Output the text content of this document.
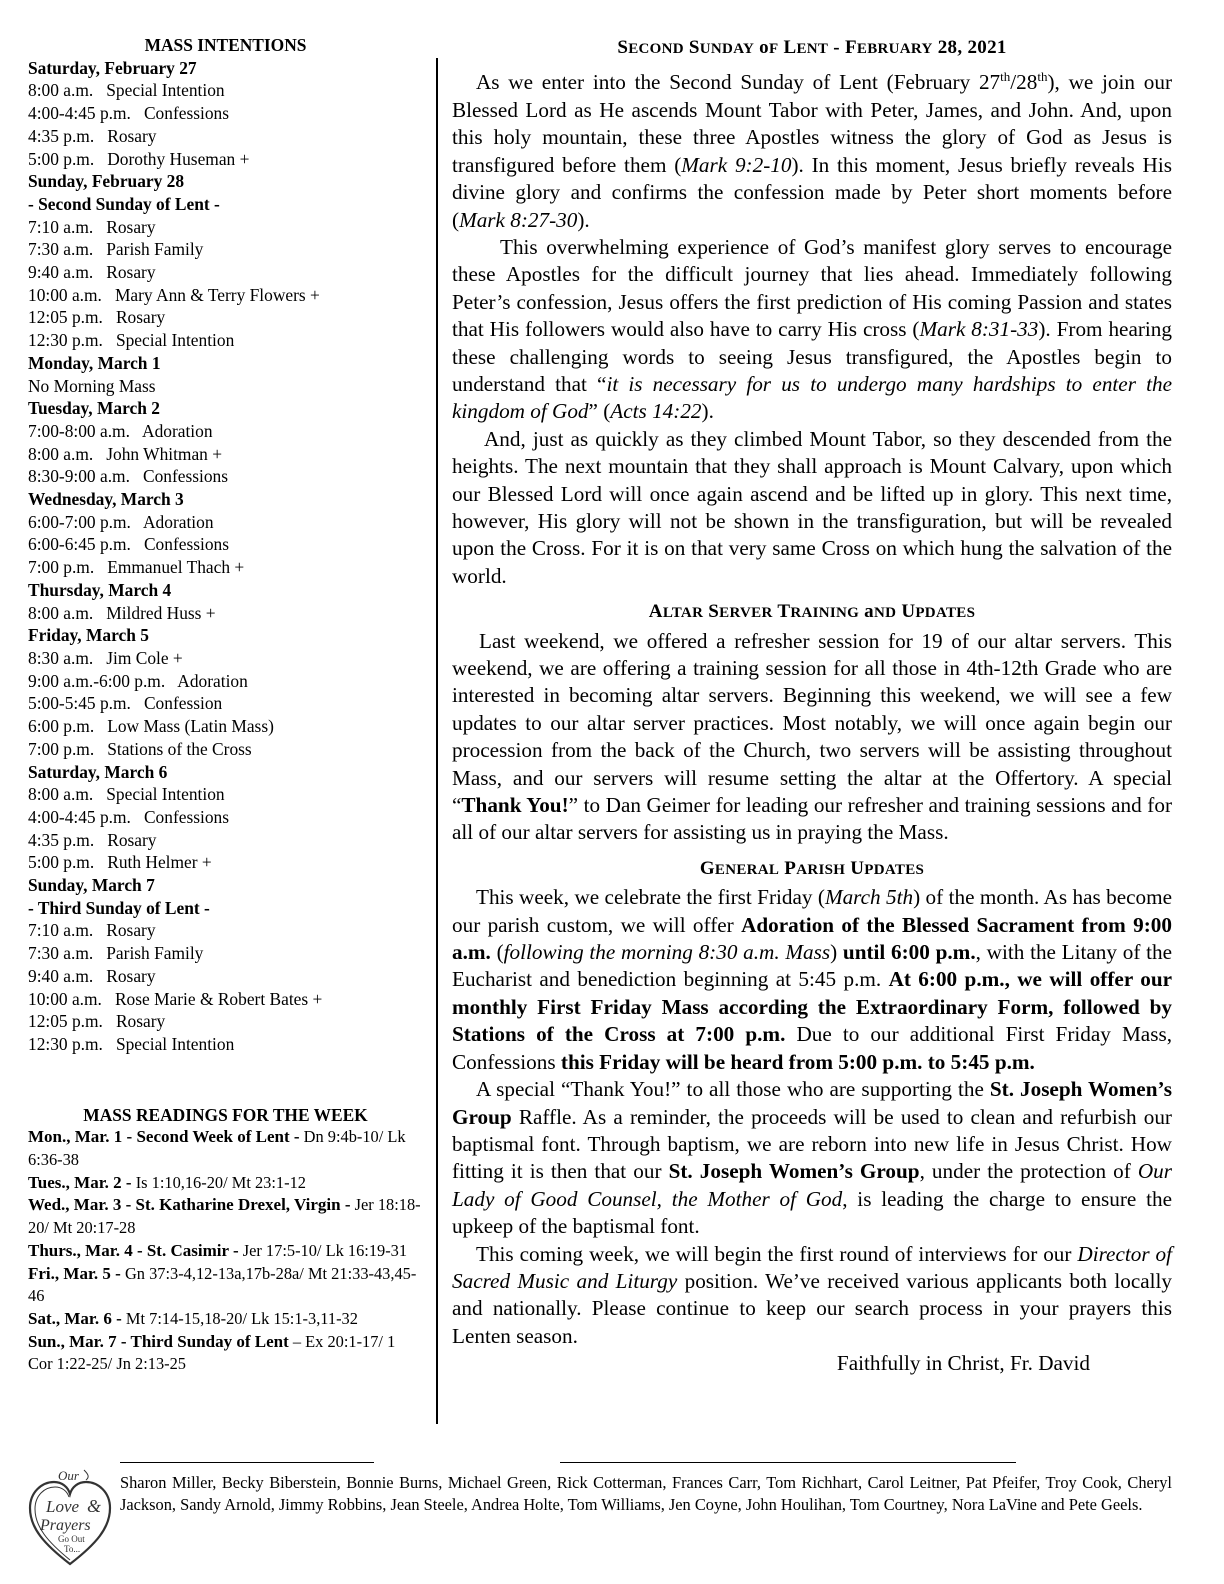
MASS INTENTIONS
Saturday, February 27
8:00 a.m. Special Intention
4:00-4:45 p.m. Confessions
4:35 p.m. Rosary
5:00 p.m. Dorothy Huseman +
Sunday, February 28
- Second Sunday of Lent -
7:10 a.m. Rosary
7:30 a.m. Parish Family
9:40 a.m. Rosary
10:00 a.m. Mary Ann & Terry Flowers +
12:05 p.m. Rosary
12:30 p.m. Special Intention
Monday, March 1
No Morning Mass
Tuesday, March 2
7:00-8:00 a.m. Adoration
8:00 a.m. John Whitman +
8:30-9:00 a.m. Confessions
Wednesday, March 3
6:00-7:00 p.m. Adoration
6:00-6:45 p.m. Confessions
7:00 p.m. Emmanuel Thach +
Thursday, March 4
8:00 a.m. Mildred Huss +
Friday, March 5
8:30 a.m. Jim Cole +
9:00 a.m.-6:00 p.m. Adoration
5:00-5:45 p.m. Confession
6:00 p.m. Low Mass (Latin Mass)
7:00 p.m. Stations of the Cross
Saturday, March 6
8:00 a.m. Special Intention
4:00-4:45 p.m. Confessions
4:35 p.m. Rosary
5:00 p.m. Ruth Helmer +
Sunday, March 7
- Third Sunday of Lent -
7:10 a.m. Rosary
7:30 a.m. Parish Family
9:40 a.m. Rosary
10:00 a.m. Rose Marie & Robert Bates +
12:05 p.m. Rosary
12:30 p.m. Special Intention
MASS READINGS FOR THE WEEK
Mon., Mar. 1 - Second Week of Lent - Dn 9:4b-10/ Lk 6:36-38
Tues., Mar. 2 - Is 1:10,16-20/ Mt 23:1-12
Wed., Mar. 3 - St. Katharine Drexel, Virgin - Jer 18:18-20/ Mt 20:17-28
Thurs., Mar. 4 - St. Casimir - Jer 17:5-10/ Lk 16:19-31
Fri., Mar. 5 - Gn 37:3-4,12-13a,17b-28a/ Mt 21:33-43,45-46
Sat., Mar. 6 - Mt 7:14-15,18-20/ Lk 15:1-3,11-32
Sun., Mar. 7 - Third Sunday of Lent – Ex 20:1-17/ 1 Cor 1:22-25/ Jn 2:13-25
SECOND SUNDAY oF LENT - FEBRUARY 28, 2021

As we enter into the Second Sunday of Lent (February 27th/28th), we join our Blessed Lord as He ascends Mount Tabor with Peter, James, and John. And, upon this holy mountain, these three Apostles witness the glory of God as Jesus is transfigured before them (Mark 9:2-10). In this moment, Jesus briefly reveals His divine glory and confirms the confession made by Peter short moments before (Mark 8:27-30).

This overwhelming experience of God’s manifest glory serves to encourage these Apostles for the difficult journey that lies ahead. Immediately following Peter’s confession, Jesus offers the first prediction of His coming Passion and states that His followers would also have to carry His cross (Mark 8:31-33). From hearing these challenging words to seeing Jesus transfigured, the Apostles begin to understand that “it is necessary for us to undergo many hardships to enter the kingdom of God” (Acts 14:22).

And, just as quickly as they climbed Mount Tabor, so they descended from the heights. The next mountain that they shall approach is Mount Calvary, upon which our Blessed Lord will once again ascend and be lifted up in glory. This next time, however, His glory will not be shown in the transfiguration, but will be revealed upon the Cross. For it is on that very same Cross on which hung the salvation of the world.

ALTAR SERVER TRAINING aND UPDATES

Last weekend, we offered a refresher session for 19 of our altar servers. This weekend, we are offering a training session for all those in 4th-12th Grade who are interested in becoming altar servers. Beginning this weekend, we will see a few updates to our altar server practices. Most notably, we will once again begin our procession from the back of the Church, two servers will be assisting throughout Mass, and our servers will resume setting the altar at the Offertory. A special “Thank You!” to Dan Geimer for leading our refresher and training sessions and for all of our altar servers for assisting us in praying the Mass.

GENERAL PARISH UPDATES

This week, we celebrate the first Friday (March 5th) of the month. As has become our parish custom, we will offer Adoration of the Blessed Sacrament from 9:00 a.m. (following the morning 8:30 a.m. Mass) until 6:00 p.m., with the Litany of the Eucharist and benediction beginning at 5:45 p.m. At 6:00 p.m., we will offer our monthly First Friday Mass according the Extraordinary Form, followed by Stations of the Cross at 7:00 p.m. Due to our additional First Friday Mass, Confessions this Friday will be heard from 5:00 p.m. to 5:45 p.m.

A special “Thank You!” to all those who are supporting the St. Joseph Women’s Group Raffle. As a reminder, the proceeds will be used to clean and refurbish our baptismal font. Through baptism, we are reborn into new life in Jesus Christ. How fitting it is then that our St. Joseph Women’s Group, under the protection of Our Lady of Good Counsel, the Mother of God, is leading the charge to ensure the upkeep of the baptismal font.

This coming week, we will begin the first round of interviews for our Director of Sacred Music and Liturgy position. We’ve received various applicants both locally and nationally. Please continue to keep our search process in your prayers this Lenten season.

Faithfully in Christ, Fr. David
Our
Love &
Prayers
Go Out
To...
Sharon Miller, Becky Biberstein, Bonnie Burns, Michael Green, Rick Cotterman, Frances Carr, Tom Richhart, Carol Leitner, Pat Pfeifer, Troy Cook, Cheryl Jackson, Sandy Arnold, Jimmy Robbins, Jean Steele, Andrea Holte, Tom Williams, Jen Coyne, John Houlihan, Tom Courtney, Nora LaVine and Pete Geels.
